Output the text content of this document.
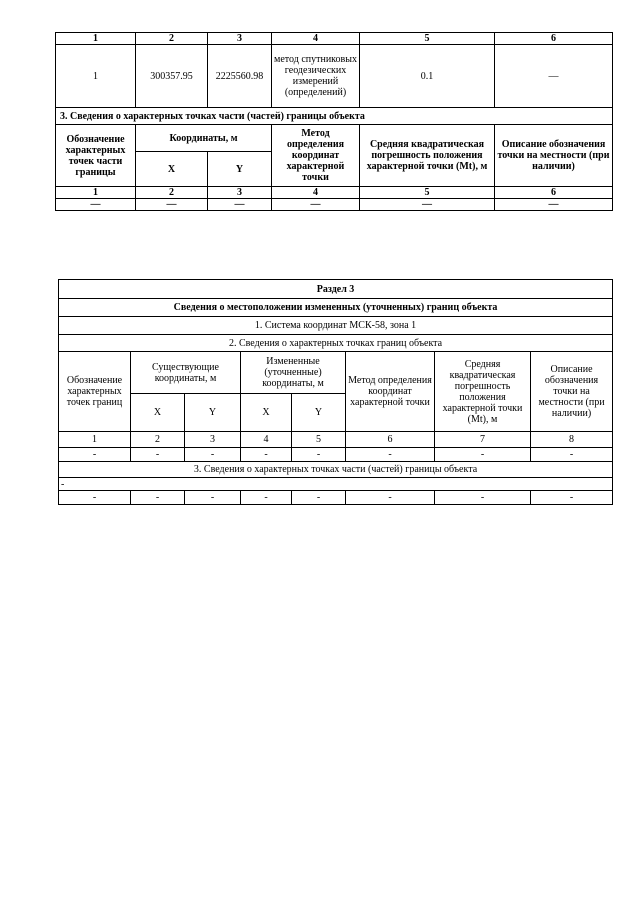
1	2	3	4	5	6
1	300357.95	2225560.98	метод спутниковых геодезических измерений (определений)	0.1	—
3. Сведения о характерных точках части (частей) границы объекта					
Обозначение характерных точек части границы	Координаты, м		Метод определения координат характерной точки	Средняя квадратическая погрешность положения характерной точки (Mt), м	Описание обозначения точки на местности (при наличии)
	X	Y			
1	2	3	4	5	6
—	—	—	—	—	—
Раздел 3							
Сведения о местоположении измененных (уточненных) границ объекта							
1. Система координат МСК-58, зона 1							
2. Сведения о характерных точках границ объекта							
Обозначение характерных точек границ	Существующие координаты, м		Измененные (уточненные) координаты, м		Метод определения координат характерной точки	Средняя квадратическая погрешность положения характерной точки (Mt), м	Описание обозначения точки на местности (при наличии)
	X	Y	X	Y			
1	2	3	4	5	6	7	8
-	-	-	-	-	-	-	-
3. Сведения о характерных точках части (частей) границы объекта							
-							
-	-	-	-	-	-	-	-
